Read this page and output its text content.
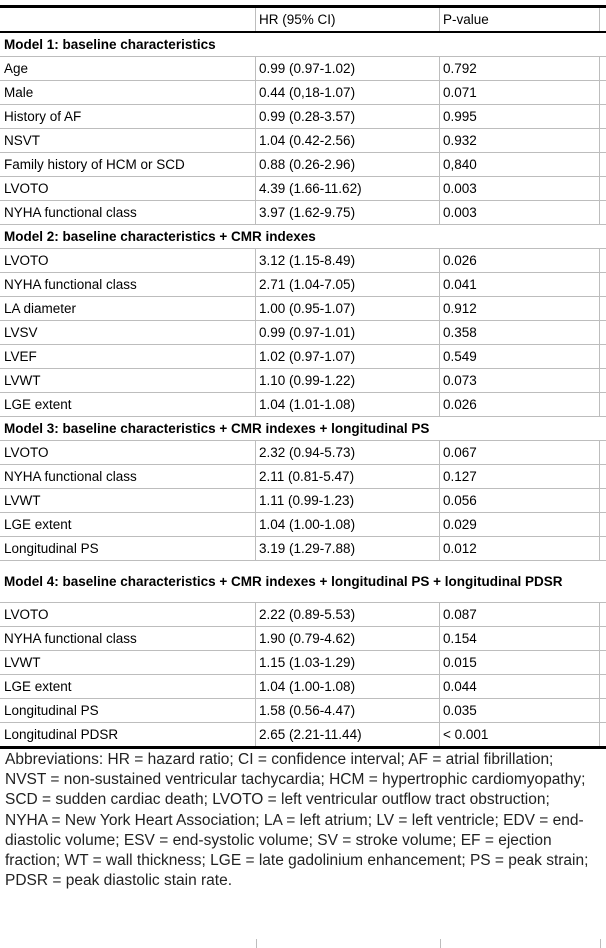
HR (95% CI)	P-value
Model 1: baseline characteristics
Age	0.99 (0.97-1.02)	0.792
Male	0.44 (0,18-1.07)	0.071
History of AF	0.99 (0.28-3.57)	0.995
NSVT	1.04 (0.42-2.56)	0.932
Family history of HCM or SCD	0.88 (0.26-2.96)	0,840
LVOTO	4.39 (1.66-11.62)	0.003
NYHA functional class	3.97 (1.62-9.75)	0.003
Model 2: baseline characteristics + CMR indexes
LVOTO	3.12 (1.15-8.49)	0.026
NYHA functional class	2.71 (1.04-7.05)	0.041
LA diameter	1.00 (0.95-1.07)	0.912
LVSV	0.99 (0.97-1.01)	0.358
LVEF	1.02 (0.97-1.07)	0.549
LVWT	1.10 (0.99-1.22)	0.073
LGE extent	1.04 (1.01-1.08)	0.026
Model 3: baseline characteristics + CMR indexes + longitudinal PS
LVOTO	2.32 (0.94-5.73)	0.067
NYHA functional class	2.11 (0.81-5.47)	0.127
LVWT	1.11 (0.99-1.23)	0.056
LGE extent	1.04 (1.00-1.08)	0.029
Longitudinal PS	3.19 (1.29-7.88)	0.012
Model 4: baseline characteristics + CMR indexes + longitudinal PS + longitudinal PDSR
LVOTO	2.22 (0.89-5.53)	0.087
NYHA functional class	1.90 (0.79-4.62)	0.154
LVWT	1.15 (1.03-1.29)	0.015
LGE extent	1.04 (1.00-1.08)	0.044
Longitudinal PS	1.58 (0.56-4.47)	0.035
Longitudinal PDSR	2.65 (2.21-11.44)	< 0.001
Abbreviations: HR = hazard ratio; CI = confidence interval; AF = atrial fibrillation; NVST = non-sustained ventricular tachycardia; HCM = hypertrophic cardiomyopathy; SCD = sudden cardiac death; LVOTO = left ventricular outflow tract obstruction; NYHA = New York Heart Association; LA = left atrium; LV = left ventricle; EDV = end-diastolic volume; ESV = end-systolic volume; SV = stroke volume; EF = ejection fraction; WT = wall thickness; LGE = late gadolinium enhancement; PS = peak strain; PDSR = peak diastolic stain rate.
